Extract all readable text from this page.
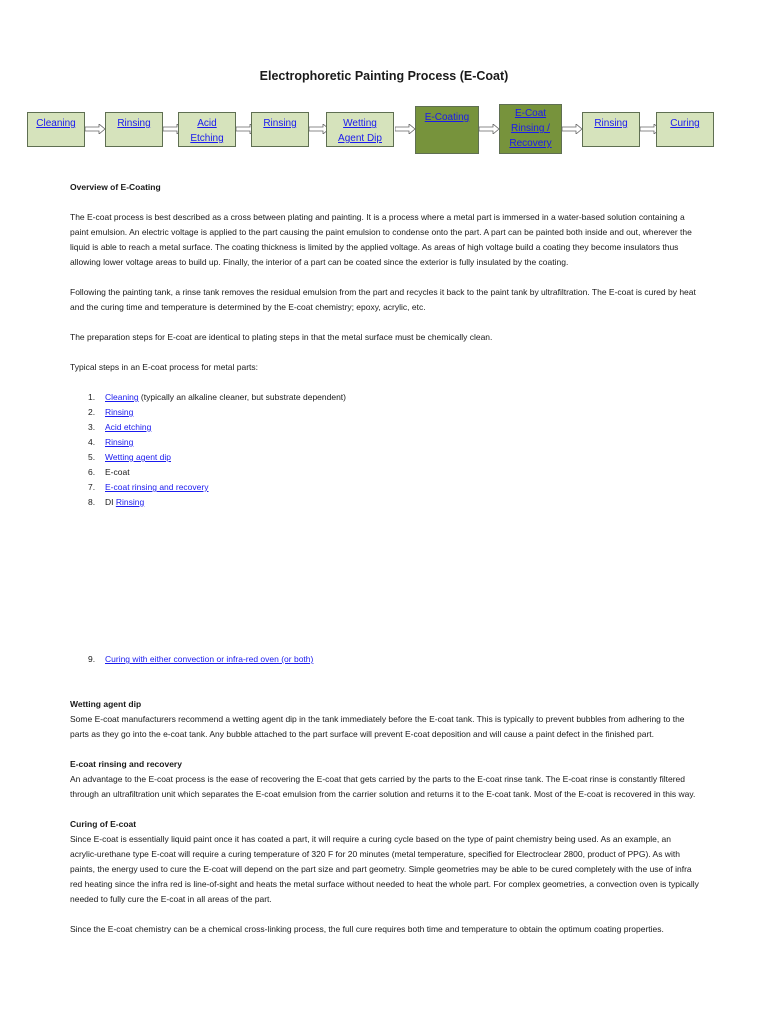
Electrophoretic Painting Process (E-Coat)
Cleaning	Rinsing	Acid
Etching
Rinsing	Wetting
Agent Dip
E-Coating	E-Coat
Rinsing /
Recovery
Rinsing	Curing

Overview of E-Coating

The E-coat process is best described as a cross between plating and painting. It is a process where a metal part is immersed in a water-based solution containing a paint emulsion. An electric voltage is applied to the part causing the paint emulsion to condense onto the part. A part can be painted both inside and out, wherever the liquid is able to reach a metal surface. The coating thickness is limited by the applied voltage. As areas of high voltage build a coating they become insulators thus allowing lower voltage areas to build up. Finally, the interior of a part can be coated since the exterior is fully insulated by the coating.

Following the painting tank, a rinse tank removes the residual emulsion from the part and recycles it back to the paint tank by ultrafiltration. The E-coat is cured by heat and the curing time and temperature is determined by the E-coat chemistry; epoxy, acrylic, etc.

The preparation steps for E-coat are identical to plating steps in that the metal surface must be chemically clean.

Typical steps in an E-coat process for metal parts:

1.	Cleaning (typically an alkaline cleaner, but substrate dependent)
2.	Rinsing
3.	Acid etching
4.	Rinsing
5.	Wetting agent dip
6.	E-coat
7.	E-coat rinsing and recovery
8.	DI Rinsing
9.	Curing with either convection or infra-red oven (or both)

Wetting agent dip

Some E-coat manufacturers recommend a wetting agent dip in the tank immediately before the E-coat tank. This is typically to prevent bubbles from adhering to the parts as they go into the e-coat tank. Any bubble attached to the part surface will prevent E-coat deposition and will cause a paint defect in the finished part.

E-coat rinsing and recovery

An advantage to the E-coat process is the ease of recovering the E-coat that gets carried by the parts to the E-coat rinse tank. The E-coat rinse is constantly filtered through an ultrafiltration unit which separates the E-coat emulsion from the carrier solution and returns it to the E-coat tank. Most of the E-coat is recovered in this way.

Curing of E-coat

Since E-coat is essentially liquid paint once it has coated a part, it will require a curing cycle based on the type of paint chemistry being used. As an example, an acrylic-urethane type E-coat will require a curing temperature of 320 F for 20 minutes (metal temperature, specified for Electroclear 2800, product of PPG). As with paints, the energy used to cure the E-coat will depend on the part size and part geometry. Simple geometries may be able to be cured completely with the use of infra red heating since the infra red is line-of-sight and heats the metal surface without needed to heat the whole part. For complex geometries, a convection oven is typically needed to fully cure the E-coat in all areas of the part.

Since the E-coat chemistry can be a chemical cross-linking process, the full cure requires both time and temperature to obtain the optimum coating properties.
